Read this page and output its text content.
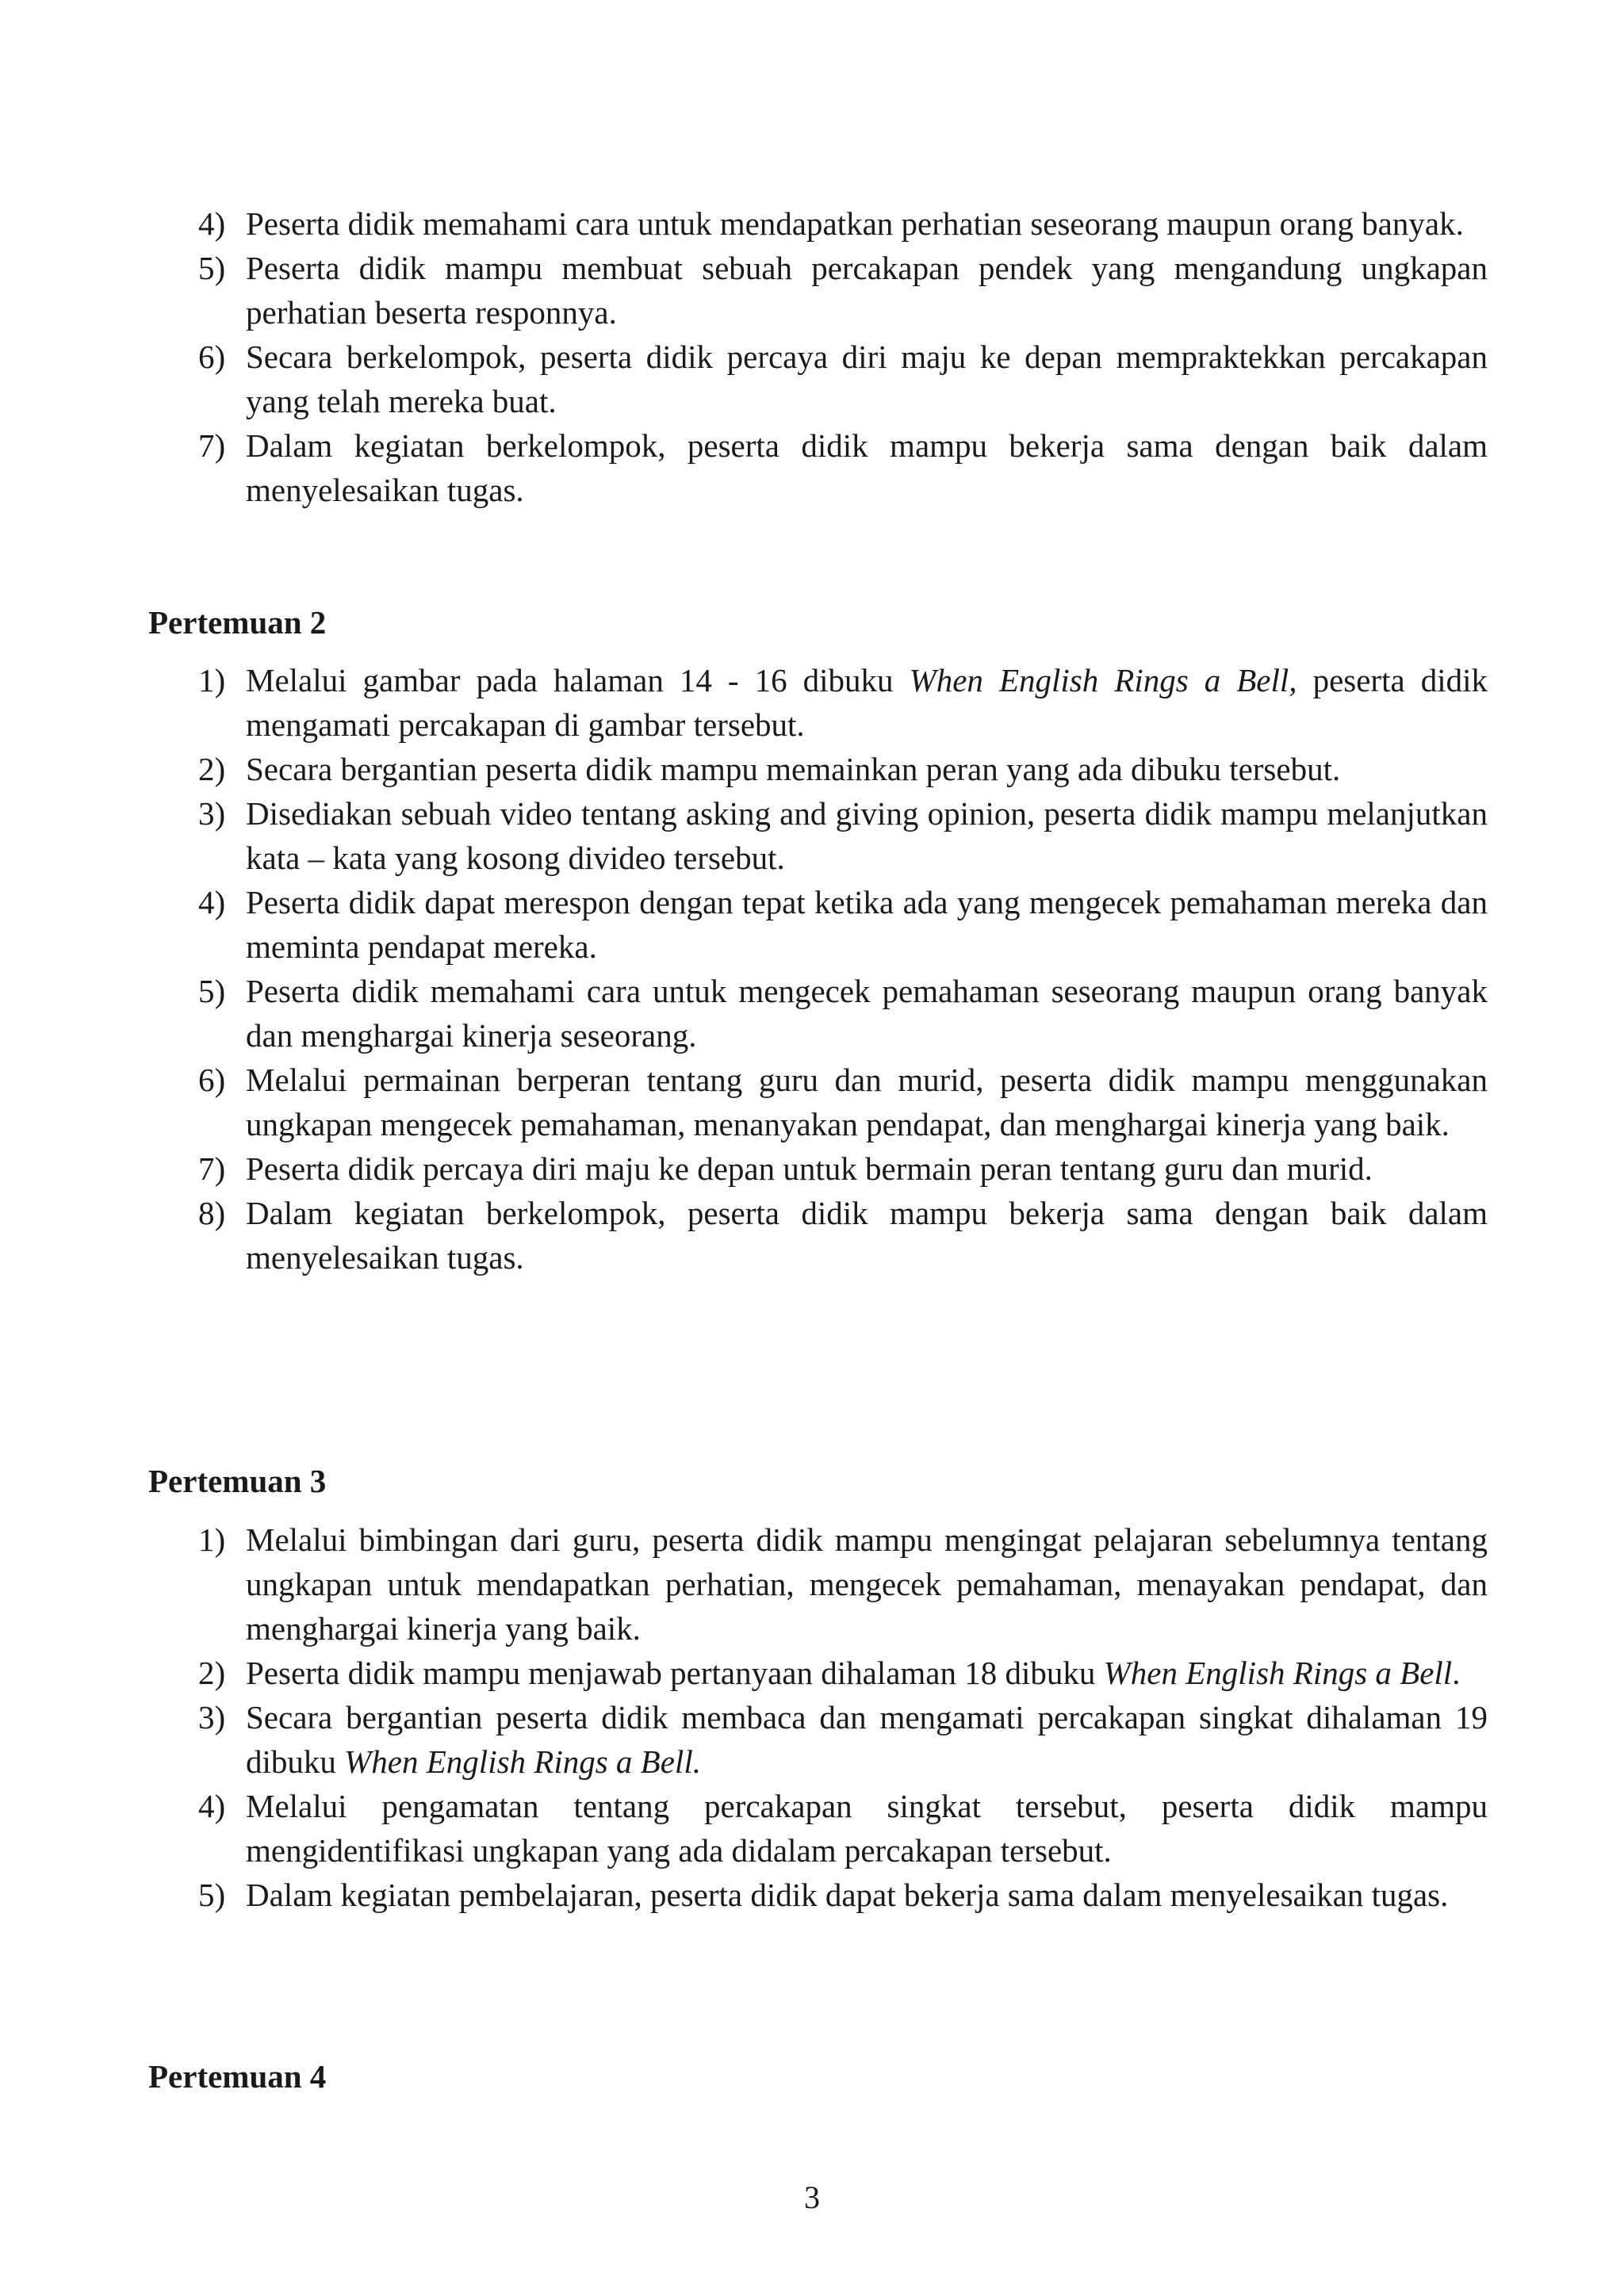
4) Peserta didik memahami cara untuk mendapatkan perhatian seseorang maupun orang banyak.
5) Peserta didik mampu membuat sebuah percakapan pendek yang mengandung ungkapan perhatian beserta responnya.
6) Secara berkelompok, peserta didik percaya diri maju ke depan mempraktekkan percakapan yang telah mereka buat.
7) Dalam kegiatan berkelompok, peserta didik mampu bekerja sama dengan baik dalam menyelesaikan tugas.
Pertemuan 2
1) Melalui gambar pada halaman 14 - 16 dibuku When English Rings a Bell, peserta didik mengamati percakapan di gambar tersebut.
2) Secara bergantian peserta didik mampu memainkan peran yang ada dibuku tersebut.
3) Disediakan sebuah video tentang asking and giving opinion, peserta didik mampu melanjutkan kata – kata yang kosong divideo tersebut.
4) Peserta didik dapat merespon dengan tepat ketika ada yang mengecek pemahaman mereka dan meminta pendapat mereka.
5) Peserta didik memahami cara untuk mengecek pemahaman seseorang maupun orang banyak dan menghargai kinerja seseorang.
6) Melalui permainan berperan tentang guru dan murid, peserta didik mampu menggunakan ungkapan mengecek pemahaman, menanyakan pendapat, dan menghargai kinerja yang baik.
7) Peserta didik percaya diri maju ke depan untuk bermain peran tentang guru dan murid.
8) Dalam kegiatan berkelompok, peserta didik mampu bekerja sama dengan baik dalam menyelesaikan tugas.
Pertemuan 3
1) Melalui bimbingan dari guru, peserta didik mampu mengingat pelajaran sebelumnya tentang ungkapan untuk mendapatkan perhatian, mengecek pemahaman, menayakan pendapat, dan menghargai kinerja yang baik.
2) Peserta didik mampu menjawab pertanyaan dihalaman 18 dibuku When English Rings a Bell.
3) Secara bergantian peserta didik membaca dan mengamati percakapan singkat dihalaman 19 dibuku When English Rings a Bell.
4) Melalui pengamatan tentang percakapan singkat tersebut, peserta didik mampu mengidentifikasi ungkapan yang ada didalam percakapan tersebut.
5) Dalam kegiatan pembelajaran, peserta didik dapat bekerja sama dalam menyelesaikan tugas.
Pertemuan 4
3
